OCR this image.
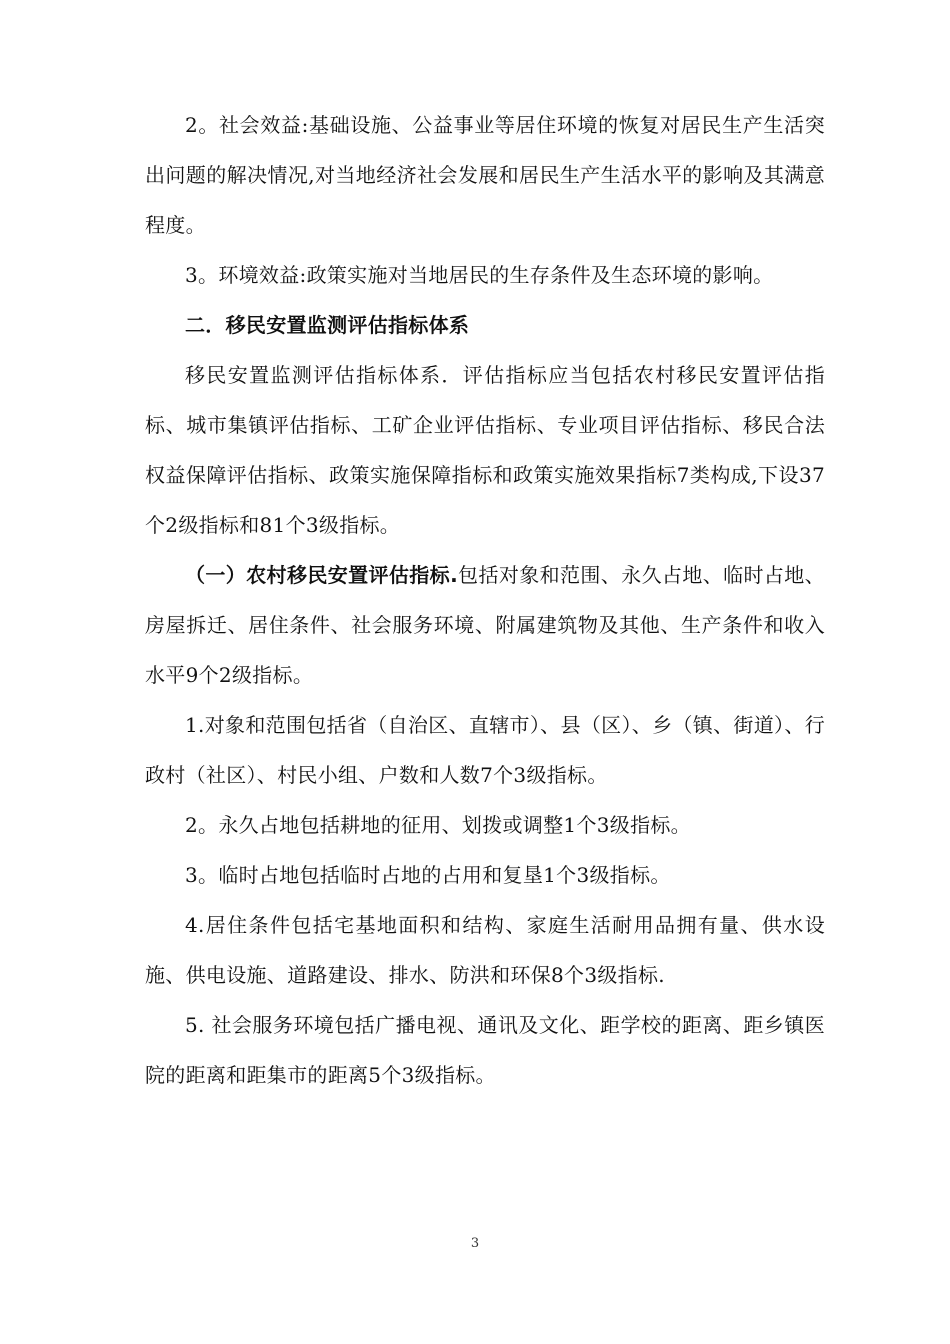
2。社会效益:基础设施、公益事业等居住环境的恢复对居民生产生活突出问题的解决情况,对当地经济社会发展和居民生产生活水平的影响及其满意程度。

3。环境效益:政策实施对当地居民的生存条件及生态环境的影响。

二．移民安置监测评估指标体系

移民安置监测评估指标体系．评估指标应当包括农村移民安置评估指标、城市集镇评估指标、工矿企业评估指标、专业项目评估指标、移民合法权益保障评估指标、政策实施保障指标和政策实施效果指标7类构成,下设37个2级指标和81个3级指标。

（一）农村移民安置评估指标.包括对象和范围、永久占地、临时占地、房屋拆迁、居住条件、社会服务环境、附属建筑物及其他、生产条件和收入水平9个2级指标。

1.对象和范围包括省（自治区、直辖市）、县（区）、乡（镇、街道）、行政村（社区）、村民小组、户数和人数7个3级指标。

2。永久占地包括耕地的征用、划拨或调整1个3级指标。

3。临时占地包括临时占地的占用和复垦1个3级指标。

4.居住条件包括宅基地面积和结构、家庭生活耐用品拥有量、供水设施、供电设施、道路建设、排水、防洪和环保8个3级指标.

5. 社会服务环境包括广播电视、通讯及文化、距学校的距离、距乡镇医院的距离和距集市的距离5个3级指标。

3
